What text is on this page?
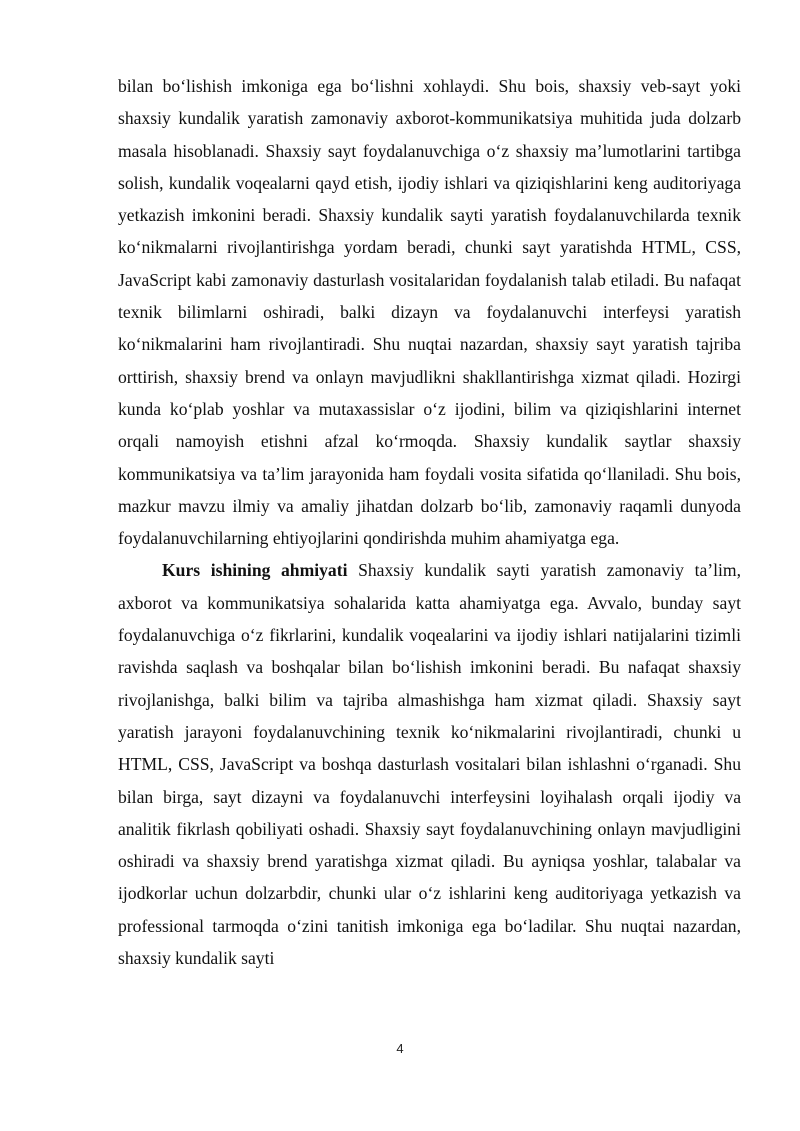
bilan bo‘lishish imkoniga ega bo‘lishni xohlaydi. Shu bois, shaxsiy veb-sayt yoki shaxsiy kundalik yaratish zamonaviy axborot-kommunikatsiya muhitida juda dolzarb masala hisoblanadi. Shaxsiy sayt foydalanuvchiga o‘z shaxsiy ma’lumotlarini tartibga solish, kundalik voqealarni qayd etish, ijodiy ishlari va qiziqishlarini keng auditoriyaga yetkazish imkonini beradi. Shaxsiy kundalik sayti yaratish foydalanuvchilarda texnik ko‘nikmalarni rivojlantirishga yordam beradi, chunki sayt yaratishda HTML, CSS, JavaScript kabi zamonaviy dasturlash vositalaridan foydalanish talab etiladi. Bu nafaqat texnik bilimlarni oshiradi, balki dizayn va foydalanuvchi interfeysi yaratish ko‘nikmalarini ham rivojlantiradi. Shu nuqtai nazardan, shaxsiy sayt yaratish tajriba orttirish, shaxsiy brend va onlayn mavjudlikni shakllantirishga xizmat qiladi. Hozirgi kunda ko‘plab yoshlar va mutaxassislar o‘z ijodini, bilim va qiziqishlarini internet orqali namoyish etishni afzal ko‘rmoqda. Shaxsiy kundalik saytlar shaxsiy kommunikatsiya va ta’lim jarayonida ham foydali vosita sifatida qo‘llaniladi. Shu bois, mazkur mavzu ilmiy va amaliy jihatdan dolzarb bo‘lib, zamonaviy raqamli dunyoda foydalanuvchilarning ehtiyojlarini qondirishda muhim ahamiyatga ega.

Kurs ishining ahmiyati Shaxsiy kundalik sayti yaratish zamonaviy ta’lim, axborot va kommunikatsiya sohalarida katta ahamiyatga ega. Avvalo, bunday sayt foydalanuvchiga o‘z fikrlarini, kundalik voqealarini va ijodiy ishlari natijalarini tizimli ravishda saqlash va boshqalar bilan bo‘lishish imkonini beradi. Bu nafaqat shaxsiy rivojlanishga, balki bilim va tajriba almashishga ham xizmat qiladi. Shaxsiy sayt yaratish jarayoni foydalanuvchining texnik ko‘nikmalarini rivojlantiradi, chunki u HTML, CSS, JavaScript va boshqa dasturlash vositalari bilan ishlashni o‘rganadi. Shu bilan birga, sayt dizayni va foydalanuvchi interfeysini loyihalash orqali ijodiy va analitik fikrlash qobiliyati oshadi. Shaxsiy sayt foydalanuvchining onlayn mavjudligini oshiradi va shaxsiy brend yaratishga xizmat qiladi. Bu ayniqsa yoshlar, talabalar va ijodkorlar uchun dolzarbdir, chunki ular o‘z ishlarini keng auditoriyaga yetkazish va professional tarmoqda o‘zini tanitish imkoniga ega bo‘ladilar. Shu nuqtai nazardan, shaxsiy kundalik sayti

4
